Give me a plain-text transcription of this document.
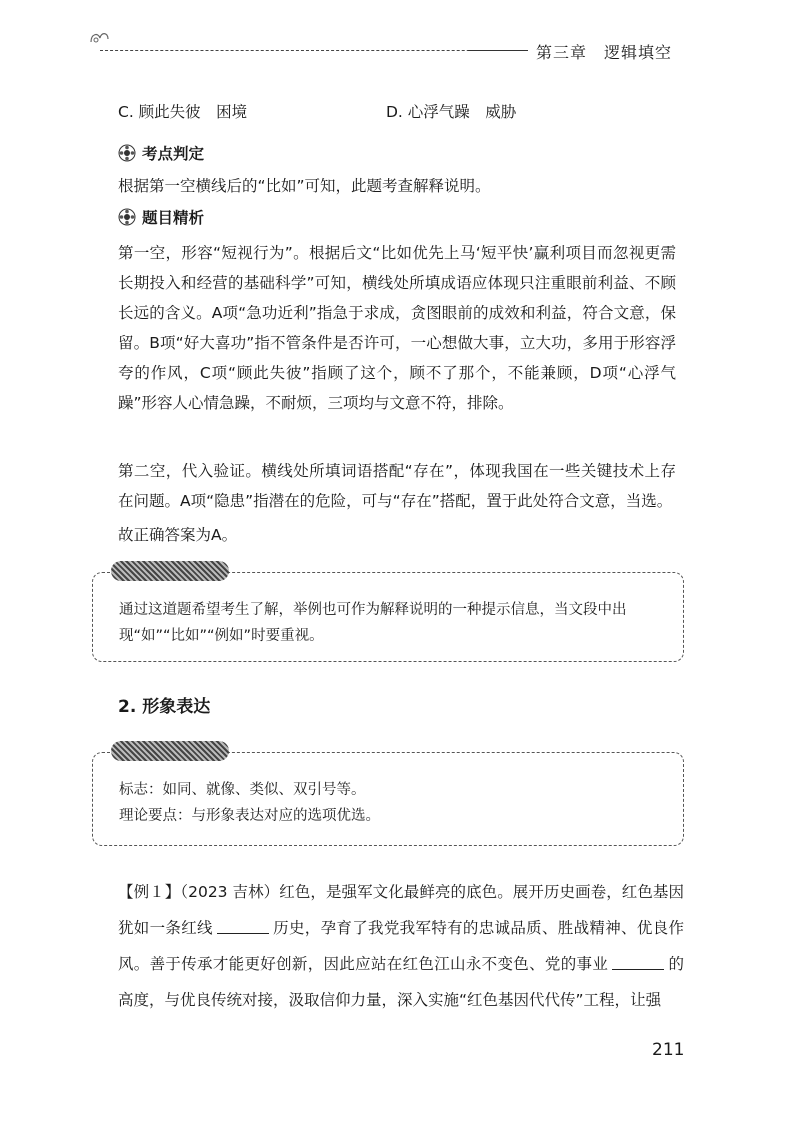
第三章　逻辑填空
C. 顾此失彼　困境	D. 心浮气躁　威胁
考点判定
根据第一空横线后的“比如”可知，此题考查解释说明。
题目精析
第一空，形容“短视行为”。根据后文“比如优先上马‘短平快’赢利项目而忽视更需长期投入和经营的基础科学”可知，横线处所填成语应体现只注重眼前利益、不顾长远的含义。A项“急功近利”指急于求成，贪图眼前的成效和利益，符合文意，保留。B项“好大喜功”指不管条件是否许可，一心想做大事，立大功，多用于形容浮夸的作风，C项“顾此失彼”指顾了这个，顾不了那个，不能兼顾，D项“心浮气躁”形容人心情急躁，不耐烦，三项均与文意不符，排除。
第二空，代入验证。横线处所填词语搭配“存在”，体现我国在一些关键技术上存在问题。A项“隐患”指潜在的危险，可与“存在”搭配，置于此处符合文意，当选。
故正确答案为A。
通过这道题希望考生了解，举例也可作为解释说明的一种提示信息，当文段中出现“如”“比如”“例如”时要重视。
2. 形象表达
标志：如同、就像、类似、双引号等。
理论要点：与形象表达对应的选项优选。
【例１】（2023 吉林）红色，是强军文化最鲜亮的底色。展开历史画卷，红色基因犹如一条红线	历史，孕育了我党我军特有的忠诚品质、胜战精神、优良作风。善于传承才能更好创新，因此应站在红色江山永不变色、党的事业	的高度，与优良传统对接，汲取信仰力量，深入实施“红色基因代代传”工程，让强
211
